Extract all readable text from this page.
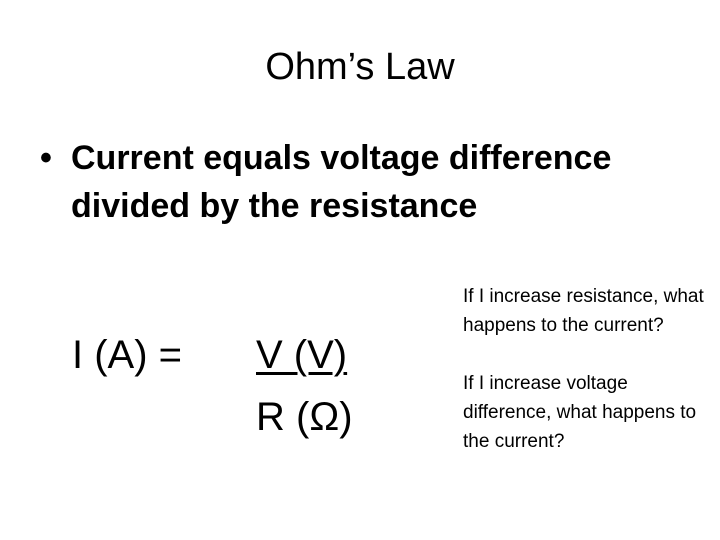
Ohm’s Law
• Current equals voltage difference divided by the resistance
I (A) = V (V)
R (Ω)
If I increase resistance, what happens to the current?
If I increase voltage difference, what happens to the current?
